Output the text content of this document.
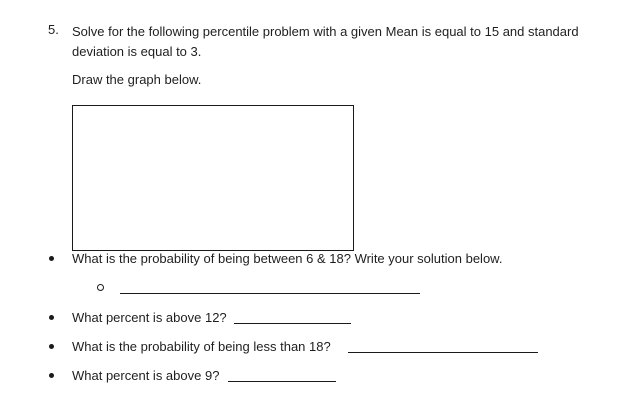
5. Solve for the following percentile problem with a given Mean is equal to 15 and standard
deviation is equal to 3.
Draw the graph below.
What is the probability of being between 6 & 18? Write your solution below.
What percent is above 12?
What is the probability of being less than 18?
What percent is above 9?
